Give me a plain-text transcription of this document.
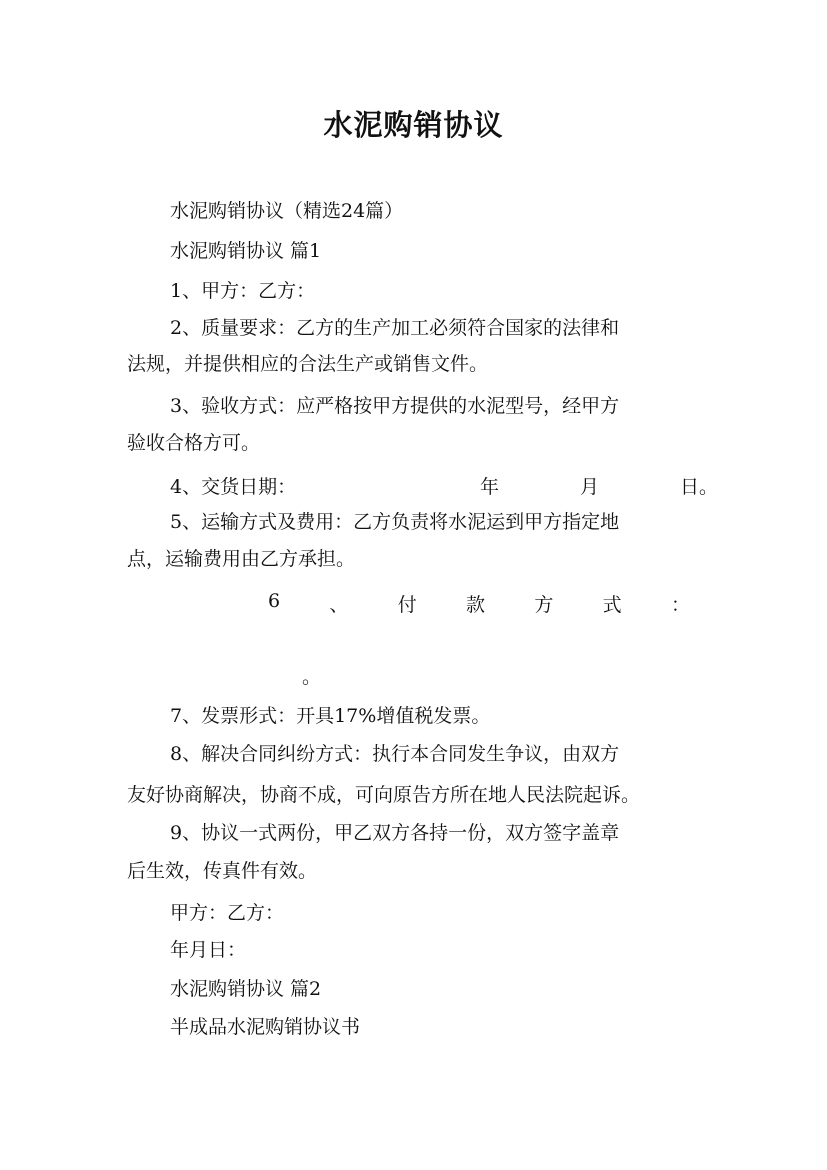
水泥购销协议
水泥购销协议（精选24篇）
水泥购销协议 篇1
1、甲方：乙方：
2、质量要求：乙方的生产加工必须符合国家的法律和
法规，并提供相应的合法生产或销售文件。
3、验收方式：应严格按甲方提供的水泥型号，经甲方
验收合格方可。
4、交货日期：	年	月	日。
5、运输方式及费用：乙方负责将水泥运到甲方指定地
点，运输费用由乙方承担。
6	、	付	款	方	式	：
。
7、发票形式：开具17%增值税发票。
8、解决合同纠纷方式：执行本合同发生争议，由双方
友好协商解决，协商不成，可向原告方所在地人民法院起诉。
9、协议一式两份，甲乙双方各持一份，双方签字盖章
后生效，传真件有效。
甲方：乙方：
年月日：
水泥购销协议 篇2
半成品水泥购销协议书
